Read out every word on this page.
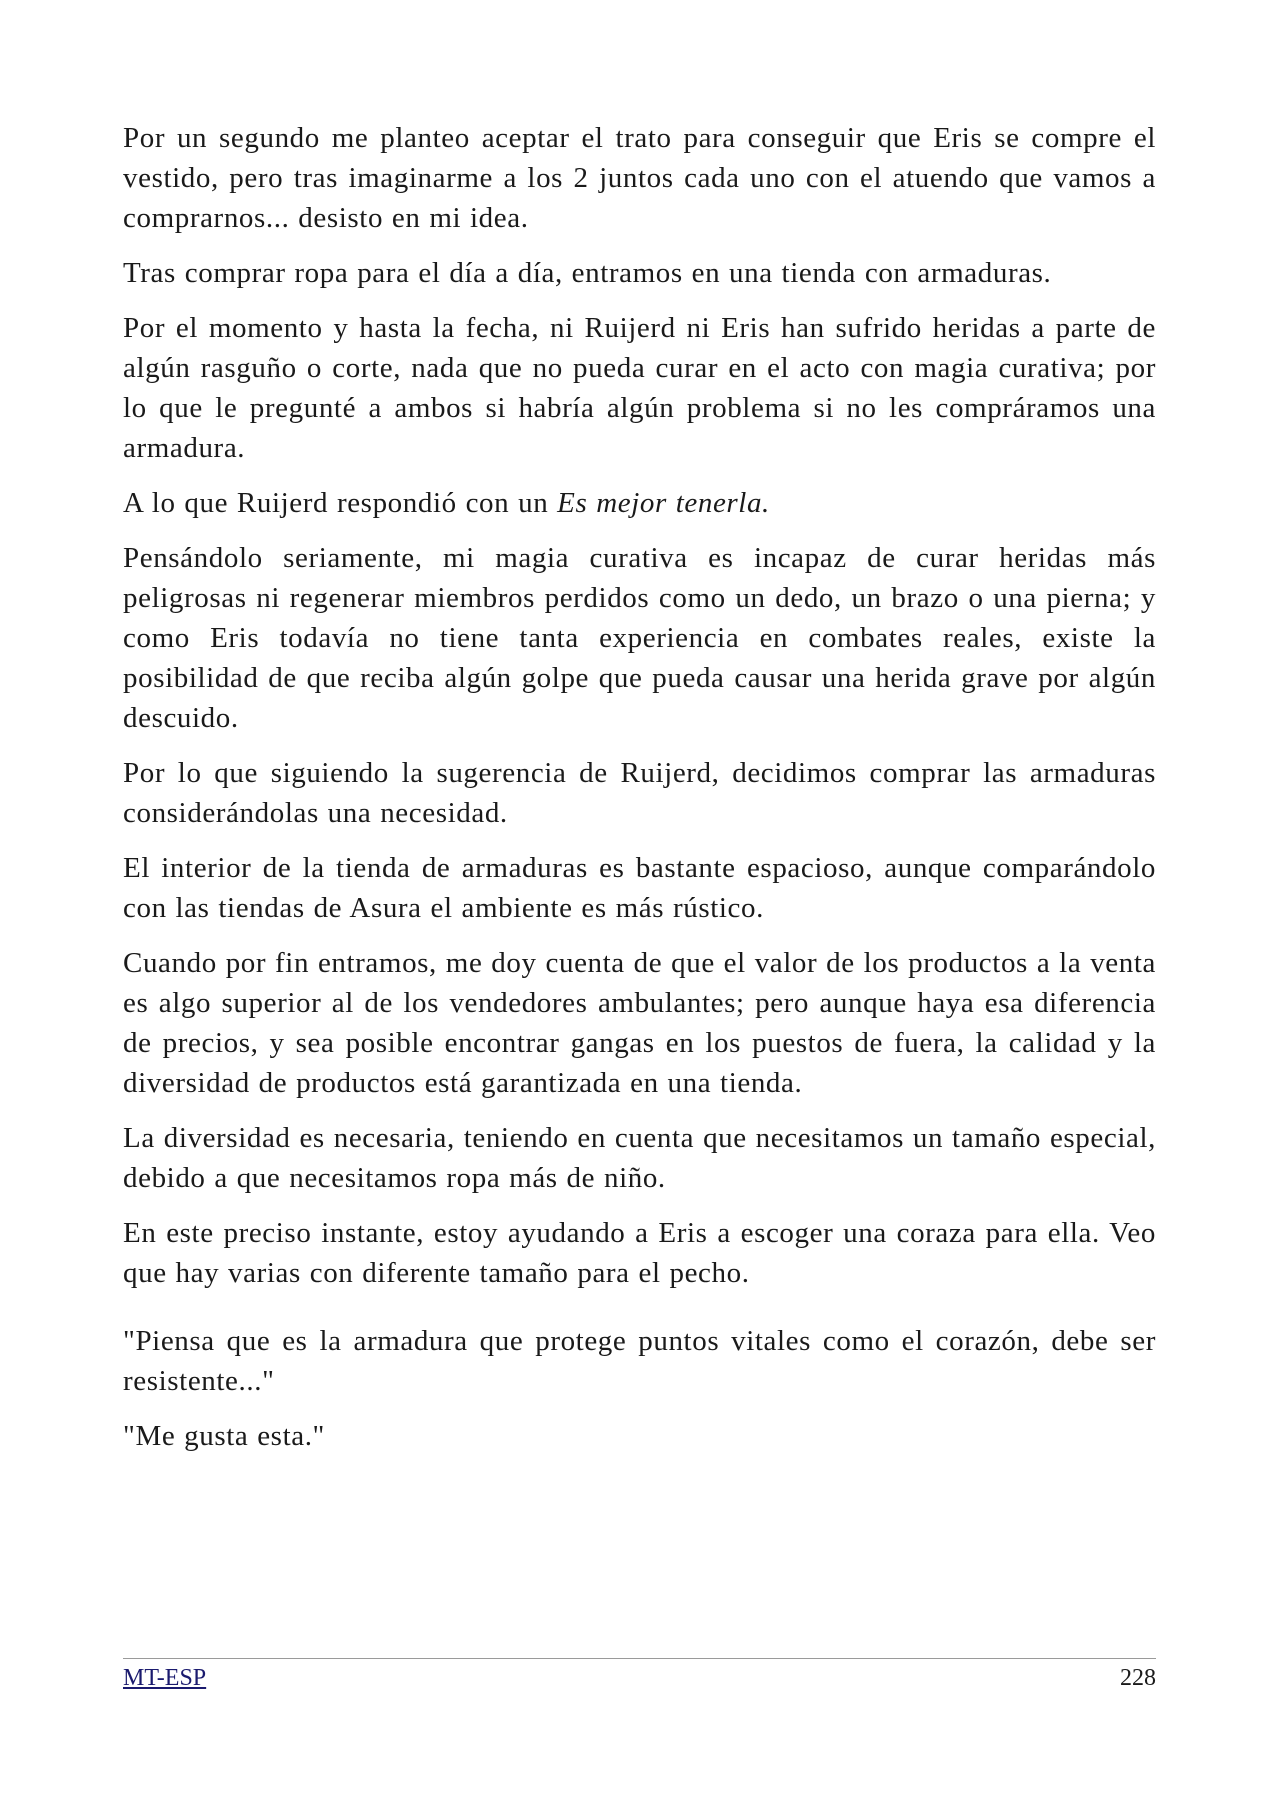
Por un segundo me planteo aceptar el trato para conseguir que Eris se compre el vestido, pero tras imaginarme a los 2 juntos cada uno con el atuendo que vamos a comprarnos... desisto en mi idea.

Tras comprar ropa para el día a día, entramos en una tienda con armaduras.

Por el momento y hasta la fecha, ni Ruijerd ni Eris han sufrido heridas a parte de algún rasguño o corte, nada que no pueda curar en el acto con magia curativa; por lo que le pregunté a ambos si habría algún problema si no les compráramos una armadura.

A lo que Ruijerd respondió con un Es mejor tenerla.

Pensándolo seriamente, mi magia curativa es incapaz de curar heridas más peligrosas ni regenerar miembros perdidos como un dedo, un brazo o una pierna; y como Eris todavía no tiene tanta experiencia en combates reales, existe la posibilidad de que reciba algún golpe que pueda causar una herida grave por algún descuido.

Por lo que siguiendo la sugerencia de Ruijerd, decidimos comprar las armaduras considerándolas una necesidad.

El interior de la tienda de armaduras es bastante espacioso, aunque comparándolo con las tiendas de Asura el ambiente es más rústico.

Cuando por fin entramos, me doy cuenta de que el valor de los productos a la venta es algo superior al de los vendedores ambulantes; pero aunque haya esa diferencia de precios, y sea posible encontrar gangas en los puestos de fuera, la calidad y la diversidad de productos está garantizada en una tienda.

La diversidad es necesaria, teniendo en cuenta que necesitamos un tamaño especial, debido a que necesitamos ropa más de niño.

En este preciso instante, estoy ayudando a Eris a escoger una coraza para ella. Veo que hay varias con diferente tamaño para el pecho.

"Piensa que es la armadura que protege puntos vitales como el corazón, debe ser resistente..."

"Me gusta esta."

MT-ESP	228
